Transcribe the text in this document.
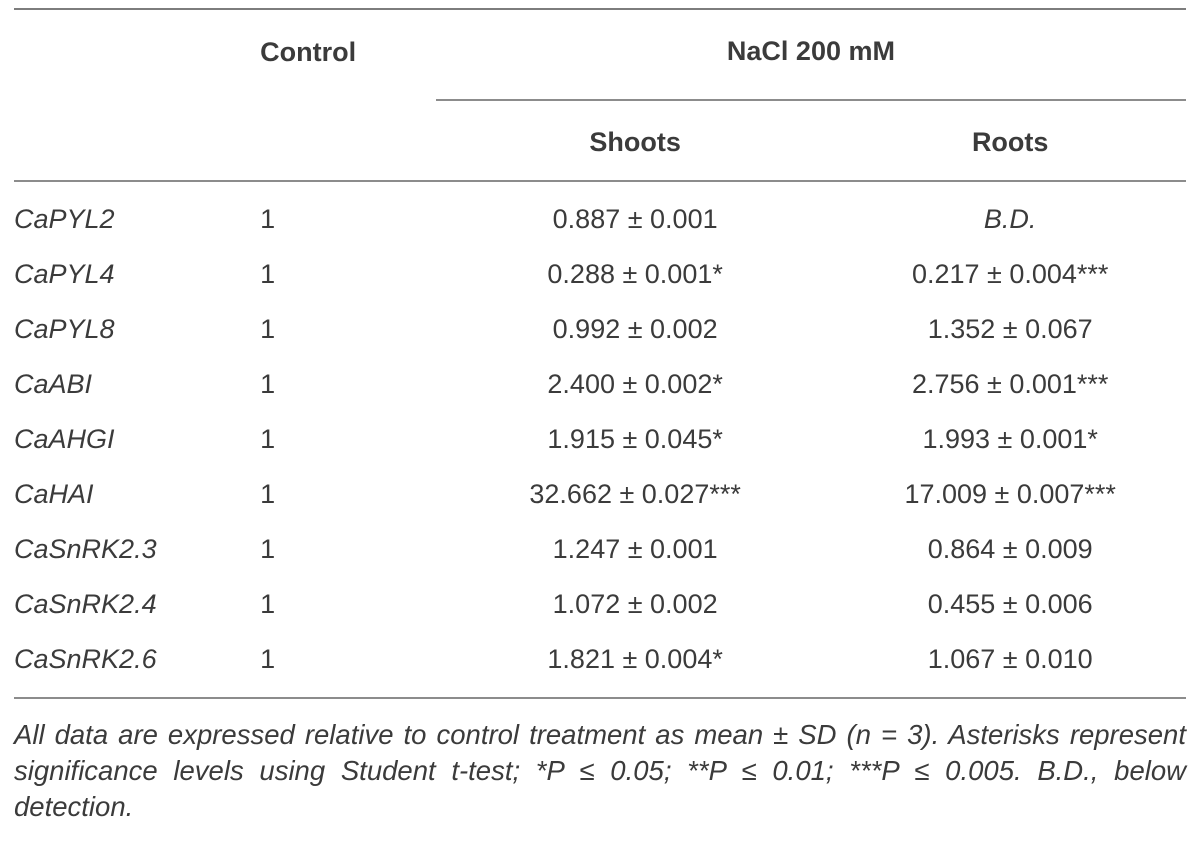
	Control	NaCl 200 mM	
		Shoots	Roots
CaPYL2	1	0.887 ± 0.001	B.D.
CaPYL4	1	0.288 ± 0.001*	0.217 ± 0.004***
CaPYL8	1	0.992 ± 0.002	1.352 ± 0.067
CaABI	1	2.400 ± 0.002*	2.756 ± 0.001***
CaAHGI	1	1.915 ± 0.045*	1.993 ± 0.001*
CaHAI	1	32.662 ± 0.027***	17.009 ± 0.007***
CaSnRK2.3	1	1.247 ± 0.001	0.864 ± 0.009
CaSnRK2.4	1	1.072 ± 0.002	0.455 ± 0.006
CaSnRK2.6	1	1.821 ± 0.004*	1.067 ± 0.010
All data are expressed relative to control treatment as mean ± SD (n = 3). Asterisks represent significance levels using Student t-test; *P ≤ 0.05; **P ≤ 0.01; ***P ≤ 0.005. B.D., below detection.
